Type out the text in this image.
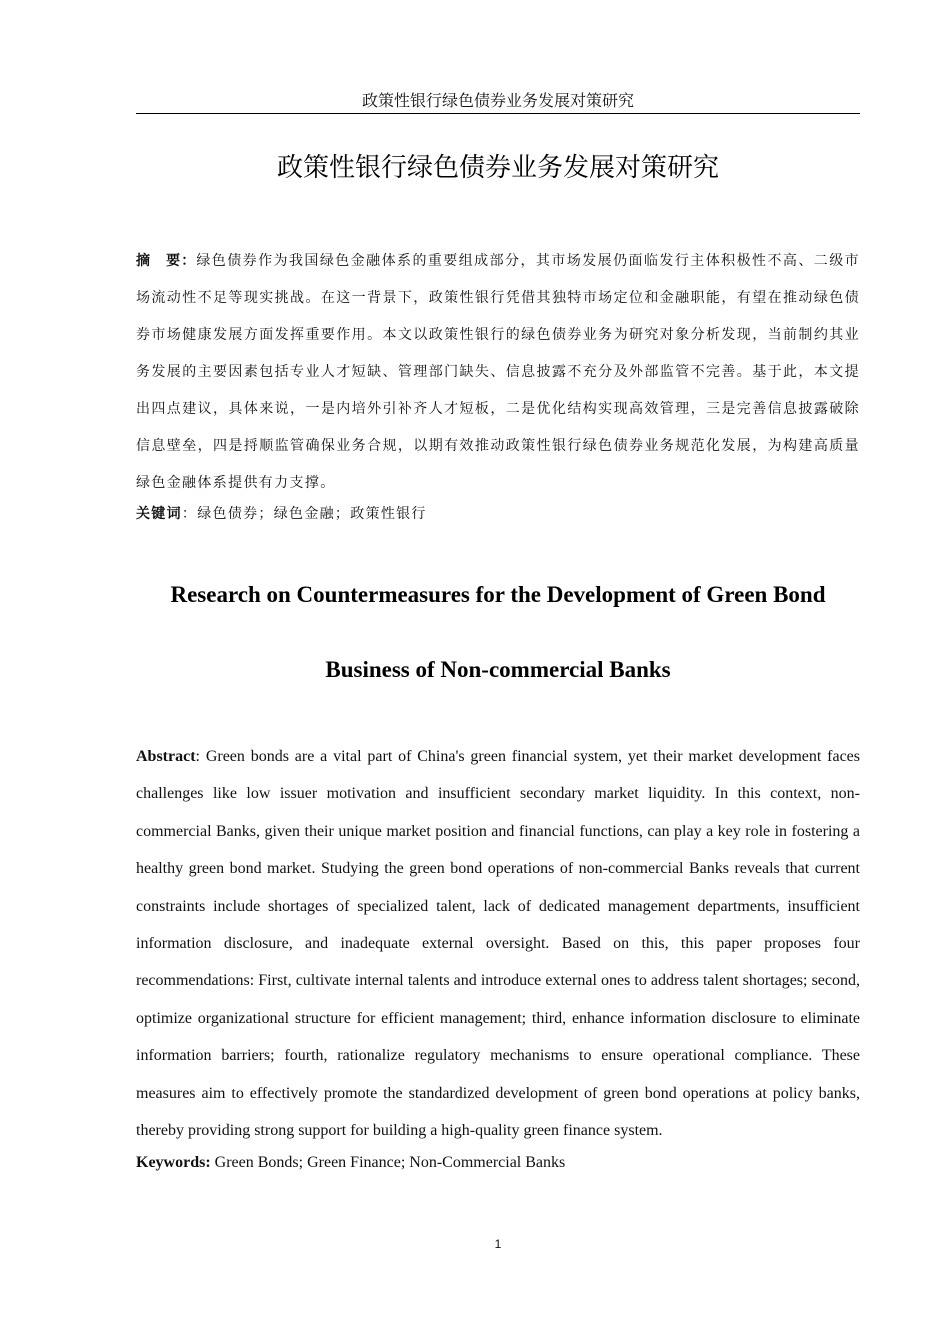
政策性银行绿色债券业务发展对策研究
政策性银行绿色债券业务发展对策研究
摘　要：绿色债券作为我国绿色金融体系的重要组成部分，其市场发展仍面临发行主体积极性不高、二级市场流动性不足等现实挑战。在这一背景下，政策性银行凭借其独特市场定位和金融职能，有望在推动绿色债券市场健康发展方面发挥重要作用。本文以政策性银行的绿色债券业务为研究对象分析发现，当前制约其业务发展的主要因素包括专业人才短缺、管理部门缺失、信息披露不充分及外部监管不完善。基于此，本文提出四点建议，具体来说，一是内培外引补齐人才短板，二是优化结构实现高效管理，三是完善信息披露破除信息壁垒，四是捋顺监管确保业务合规，以期有效推动政策性银行绿色债券业务规范化发展，为构建高质量绿色金融体系提供有力支撑。
关键词：绿色债券；绿色金融；政策性银行
Research on Countermeasures for the Development of Green Bond
Business of Non-commercial Banks
Abstract: Green bonds are a vital part of China's green financial system, yet their market development faces challenges like low issuer motivation and insufficient secondary market liquidity. In this context, non-commercial Banks, given their unique market position and financial functions, can play a key role in fostering a healthy green bond market. Studying the green bond operations of non-commercial Banks reveals that current constraints include shortages of specialized talent, lack of dedicated management departments, insufficient information disclosure, and inadequate external oversight. Based on this, this paper proposes four recommendations: First, cultivate internal talents and introduce external ones to address talent shortages; second, optimize organizational structure for efficient management; third, enhance information disclosure to eliminate information barriers; fourth, rationalize regulatory mechanisms to ensure operational compliance. These measures aim to effectively promote the standardized development of green bond operations at policy banks, thereby providing strong support for building a high-quality green finance system.
Keywords: Green Bonds; Green Finance; Non-Commercial Banks
1
